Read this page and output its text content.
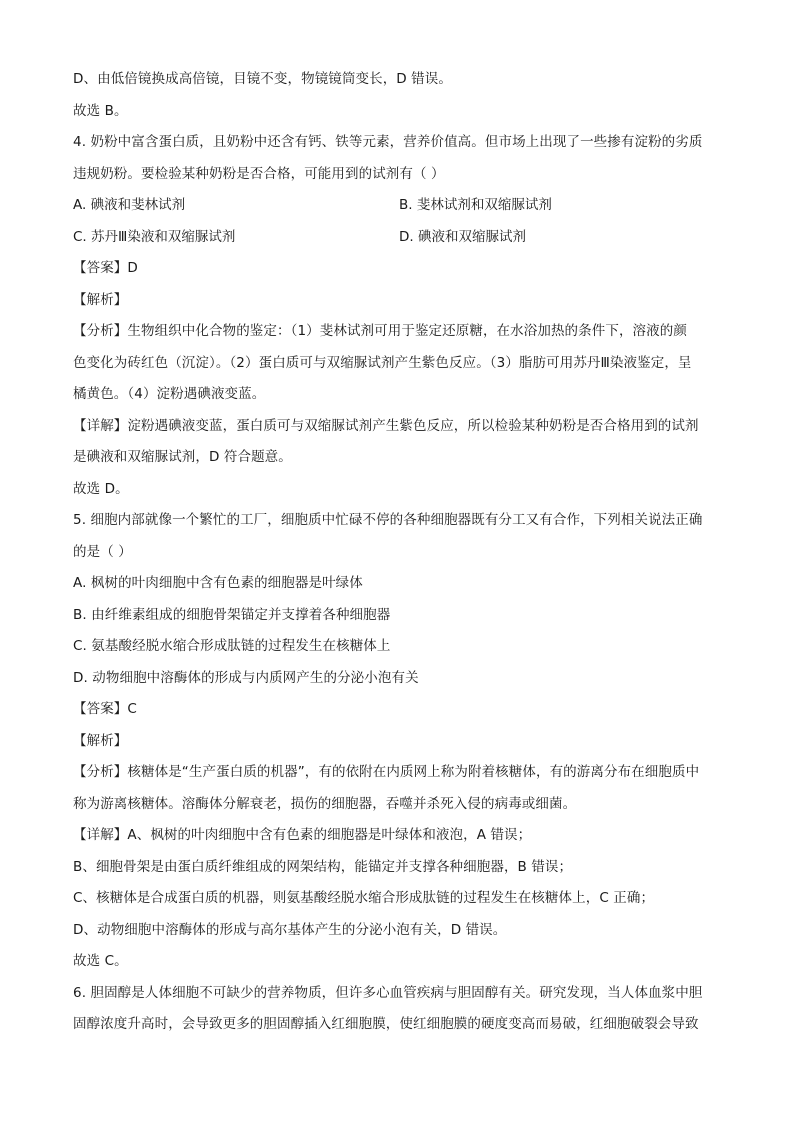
D、由低倍镜换成高倍镜，目镜不变，物镜镜筒变长，D 错误。
故选 B。
4. 奶粉中富含蛋白质，且奶粉中还含有钙、铁等元素，营养价值高。但市场上出现了一些掺有淀粉的劣质
违规奶粉。要检验某种奶粉是否合格，可能用到的试剂有（ ）
A. 碘液和斐林试剂	B. 斐林试剂和双缩脲试剂
C. 苏丹Ⅲ染液和双缩脲试剂	D. 碘液和双缩脲试剂
【答案】D
【解析】
【分析】生物组织中化合物的鉴定：（1）斐林试剂可用于鉴定还原糖，在水浴加热的条件下，溶液的颜
色变化为砖红色（沉淀）。（2）蛋白质可与双缩脲试剂产生紫色反应。（3）脂肪可用苏丹Ⅲ染液鉴定，呈
橘黄色。（4）淀粉遇碘液变蓝。
【详解】淀粉遇碘液变蓝，蛋白质可与双缩脲试剂产生紫色反应，所以检验某种奶粉是否合格用到的试剂
是碘液和双缩脲试剂，D 符合题意。
故选 D。
5. 细胞内部就像一个繁忙的工厂，细胞质中忙碌不停的各种细胞器既有分工又有合作，下列相关说法正确
的是（ ）
A. 枫树的叶肉细胞中含有色素的细胞器是叶绿体
B. 由纤维素组成的细胞骨架锚定并支撑着各种细胞器
C. 氨基酸经脱水缩合形成肽链的过程发生在核糖体上
D. 动物细胞中溶酶体的形成与内质网产生的分泌小泡有关
【答案】C
【解析】
【分析】核糖体是“生产蛋白质的机器”，有的依附在内质网上称为附着核糖体，有的游离分布在细胞质中
称为游离核糖体。溶酶体分解衰老，损伤的细胞器，吞噬并杀死入侵的病毒或细菌。
【详解】A、枫树的叶肉细胞中含有色素的细胞器是叶绿体和液泡，A 错误；
B、细胞骨架是由蛋白质纤维组成的网架结构，能锚定并支撑各种细胞器，B 错误；
C、核糖体是合成蛋白质的机器，则氨基酸经脱水缩合形成肽链的过程发生在核糖体上，C 正确；
D、动物细胞中溶酶体的形成与高尔基体产生的分泌小泡有关，D 错误。
故选 C。
6. 胆固醇是人体细胞不可缺少的营养物质，但许多心血管疾病与胆固醇有关。研究发现，当人体血浆中胆
固醇浓度升高时，会导致更多的胆固醇插入红细胞膜，使红细胞膜的硬度变高而易破，红细胞破裂会导致
